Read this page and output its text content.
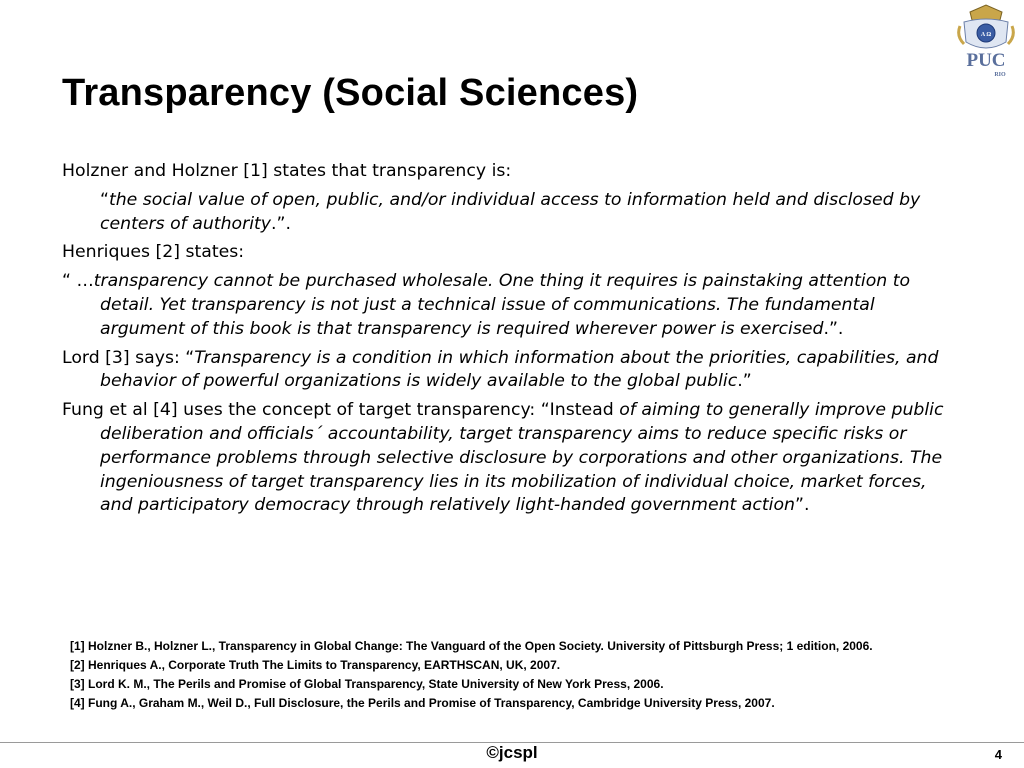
Transparency (Social Sciences)
A Ω
PUC
RIO

Holzner and Holzner [1] states that transparency is:

“the social value of open, public, and/or individual access to information held and disclosed by centers of authority.”.

Henriques [2] states:

“ …transparency cannot be purchased wholesale. One thing it requires is painstaking attention to detail. Yet transparency is not just a technical issue of communications. The fundamental argument of this book is that transparency is required wherever power is exercised.”.

Lord [3] says: “Transparency is a condition in which information about the priorities, capabilities, and behavior of powerful organizations is widely available to the global public.”

Fung et al [4] uses the concept of target transparency: “Instead of aiming to generally improve public deliberation and officials´ accountability, target transparency aims to reduce specific risks or performance problems through selective disclosure by corporations and other organizations. The ingeniousness of target transparency lies in its mobilization of individual choice, market forces, and participatory democracy through relatively light-handed government action”.

[1] Holzner B., Holzner L., Transparency in Global Change: The Vanguard of the Open Society. University of Pittsburgh Press; 1 edition, 2006.

[2] Henriques A., Corporate Truth The Limits to Transparency, EARTHSCAN, UK, 2007.

[3] Lord K. M., The Perils and Promise of Global Transparency, State University of New York Press, 2006.

[4] Fung A., Graham M., Weil D., Full Disclosure, the Perils and Promise of Transparency, Cambridge University Press, 2007.

©jcspl	4
